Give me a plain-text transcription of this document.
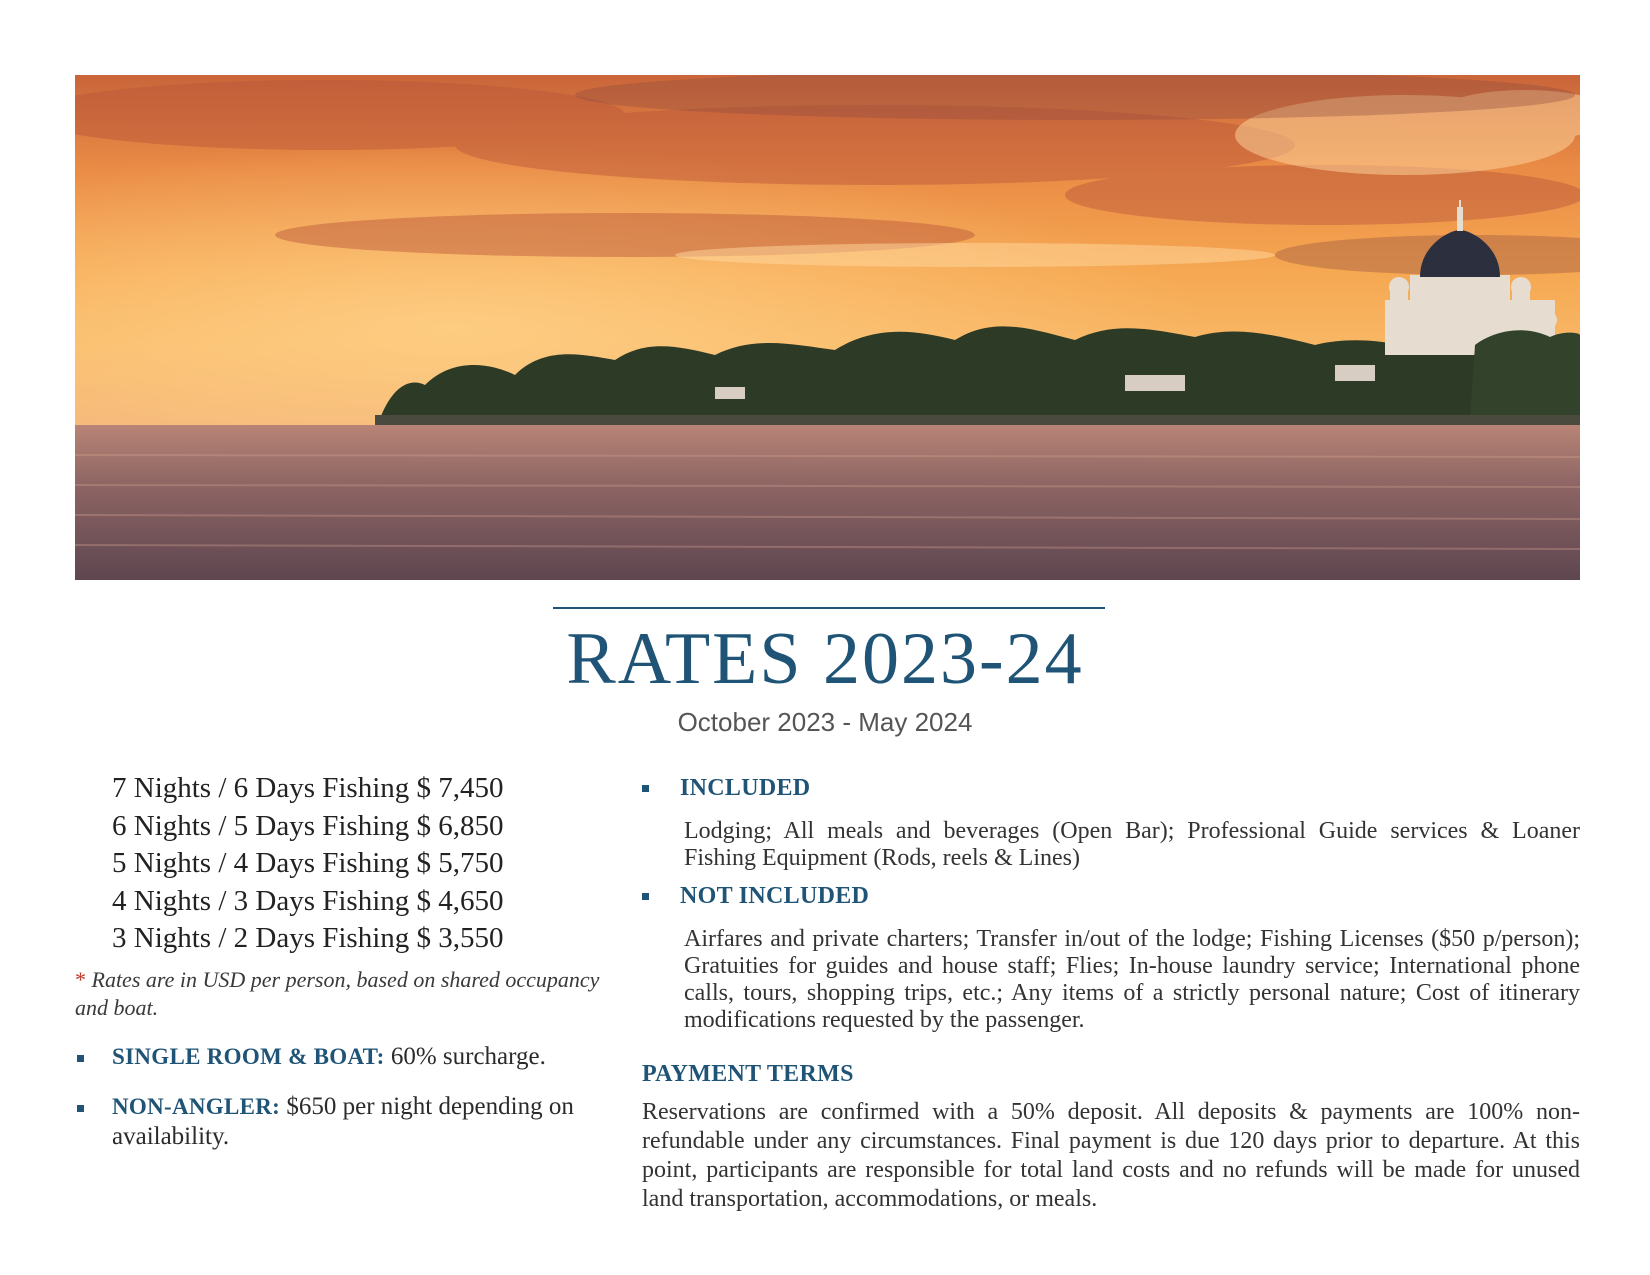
RATES 2023-24
October 2023 - May 2024
7 Nights / 6 Days Fishing $ 7,450
6 Nights / 5 Days Fishing $ 6,850
5 Nights / 4 Days Fishing $ 5,750
4 Nights / 3 Days Fishing $ 4,650
3 Nights / 2 Days Fishing $ 3,550
* Rates are in USD per person, based on shared occupancy and boat.
SINGLE ROOM & BOAT: 60% surcharge.
NON-ANGLER: $650 per night depending on availability.
INCLUDED
Lodging; All meals and beverages (Open Bar); Professional Guide services & Loaner Fishing Equipment (Rods, reels & Lines)
NOT INCLUDED
Airfares and private charters; Transfer in/out of the lodge; Fishing Licenses ($50 p/person); Gratuities for guides and house staff; Flies; In-house laundry service; International phone calls, tours, shopping trips, etc.; Any items of a strictly personal nature; Cost of itinerary modifications requested by the passenger.
PAYMENT TERMS
Reservations are confirmed with a 50% deposit. All deposits & payments are 100% non-refundable under any circumstances. Final payment is due 120 days prior to departure. At this point, participants are responsible for total land costs and no refunds will be made for unused land transportation, accommodations, or meals.
